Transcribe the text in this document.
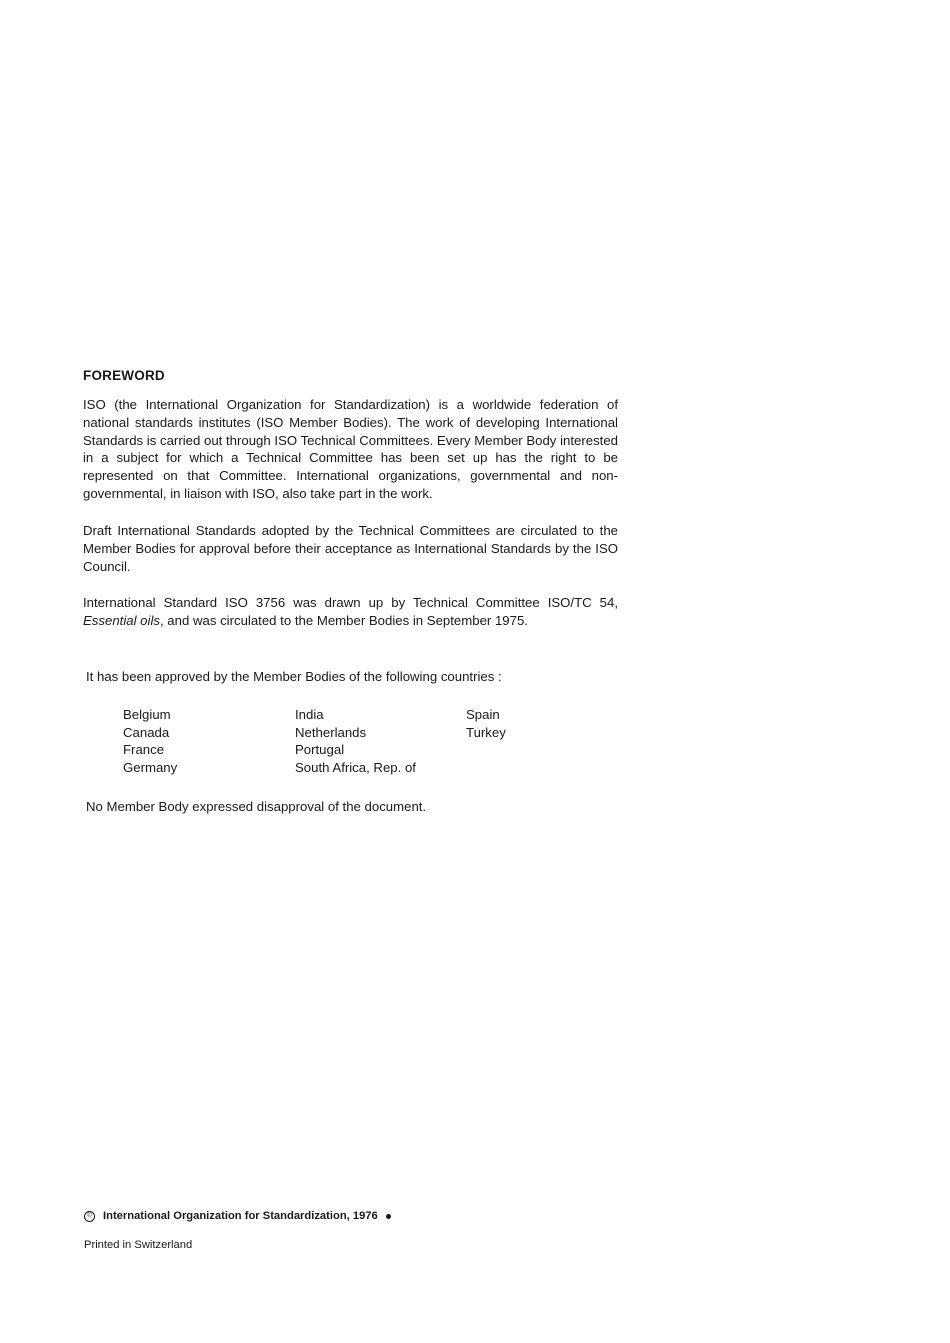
FOREWORD
ISO (the International Organization for Standardization) is a worldwide federation of national standards institutes (ISO Member Bodies). The work of developing International Standards is carried out through ISO Technical Committees. Every Member Body interested in a subject for which a Technical Committee has been set up has the right to be represented on that Committee. International organizations, governmental and non-governmental, in liaison with ISO, also take part in the work.
Draft International Standards adopted by the Technical Committees are circulated to the Member Bodies for approval before their acceptance as International Standards by the ISO Council.
International Standard ISO 3756 was drawn up by Technical Committee ISO/TC 54, Essential oils, and was circulated to the Member Bodies in September 1975.
It has been approved by the Member Bodies of the following countries :
Belgium
Canada
France
Germany
India
Netherlands
Portugal
South Africa, Rep. of
Spain
Turkey
No Member Body expressed disapproval of the document.
© International Organization for Standardization, 1976
Printed in Switzerland
